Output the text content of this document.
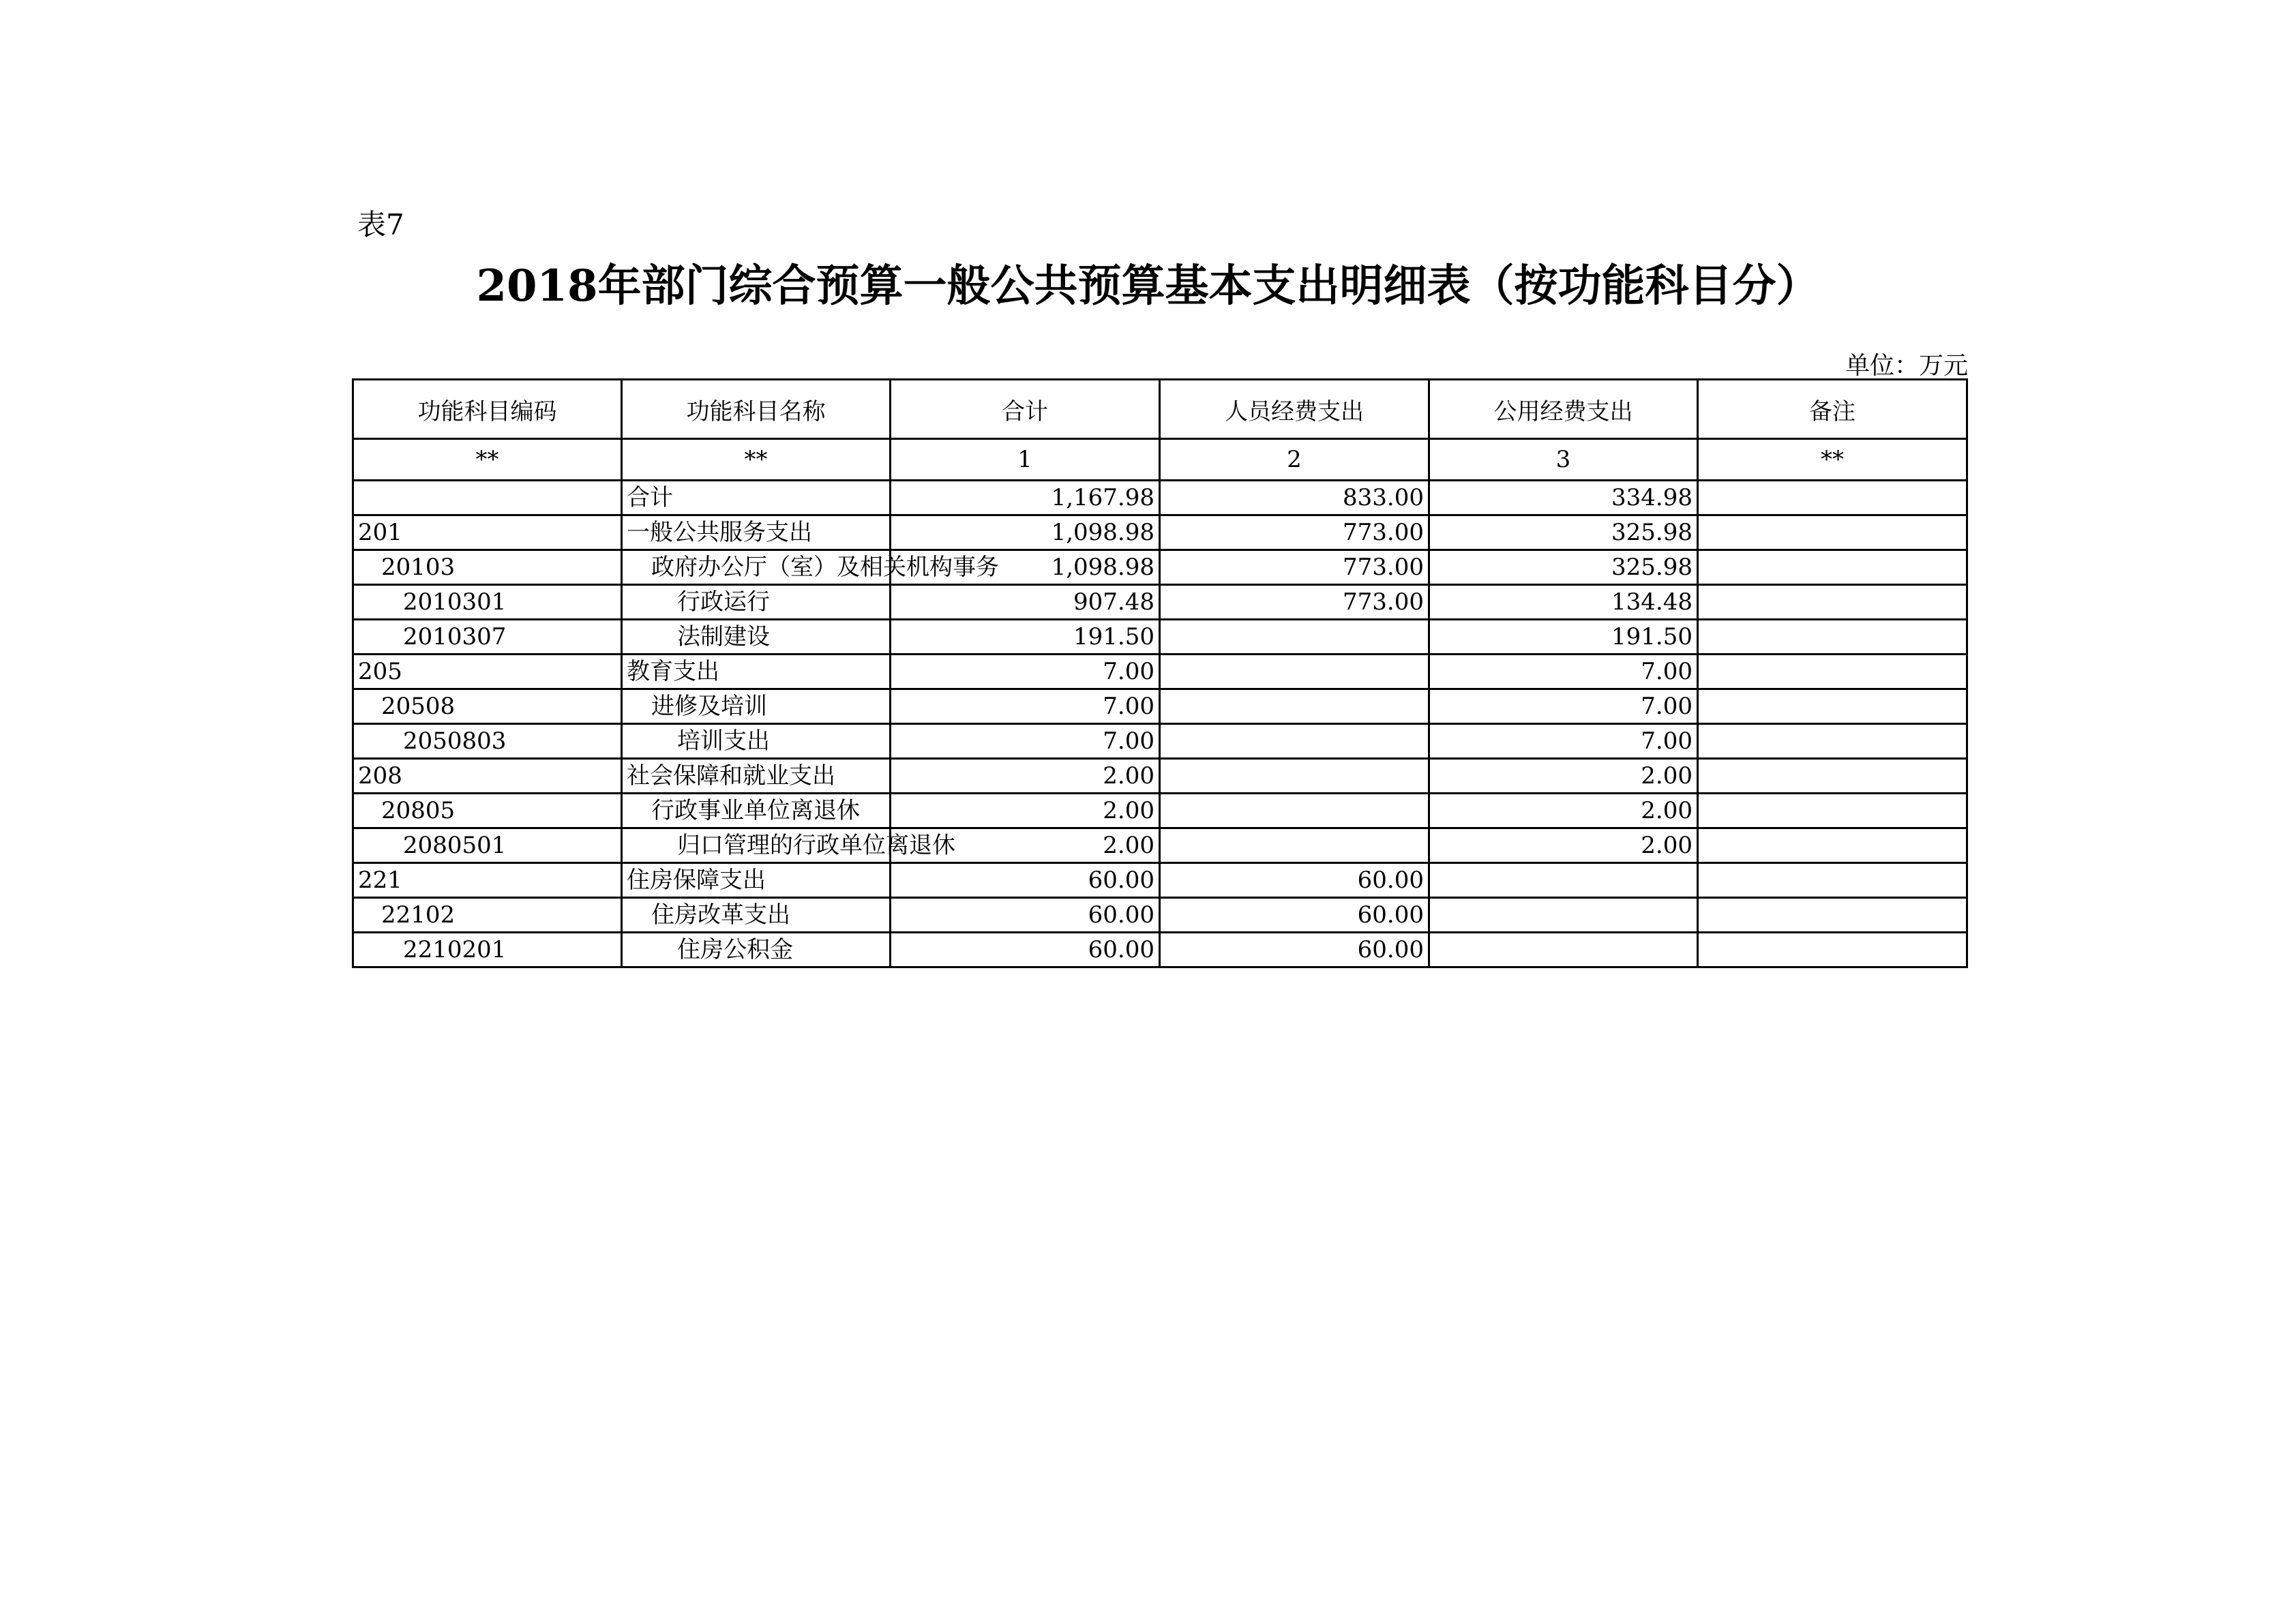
表7
2018年部门综合预算一般公共预算基本支出明细表（按功能科目分）
单位：万元
功能科目编码	功能科目名称	合计	人员经费支出	公用经费支出	备注
**	**	1	2	3	**
	合计	1,167.98	833.00	334.98	
201	一般公共服务支出	1,098.98	773.00	325.98	
20103	政府办公厅（室）及相关机构事务	1,098.98	773.00	325.98	
2010301	行政运行	907.48	773.00	134.48	
2010307	法制建设	191.50		191.50	
205	教育支出	7.00		7.00	
20508	进修及培训	7.00		7.00	
2050803	培训支出	7.00		7.00	
208	社会保障和就业支出	2.00		2.00	
20805	行政事业单位离退休	2.00		2.00	
2080501	归口管理的行政单位离退休	2.00		2.00	
221	住房保障支出	60.00	60.00		
22102	住房改革支出	60.00	60.00		
2210201	住房公积金	60.00	60.00		
